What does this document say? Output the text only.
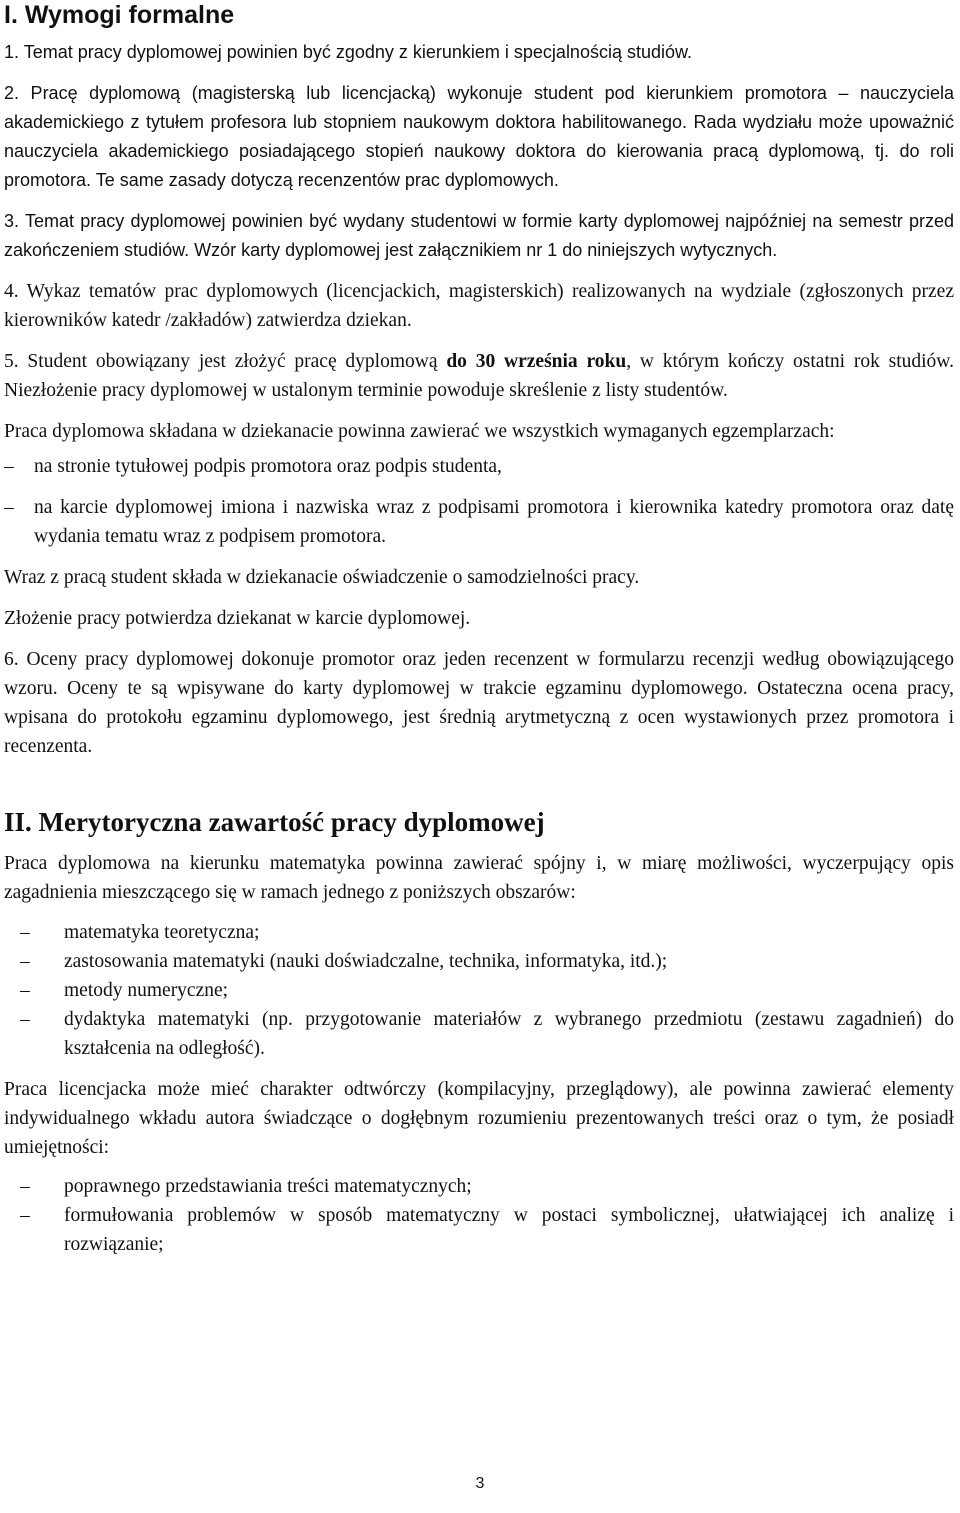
I. Wymogi formalne

1. Temat pracy dyplomowej powinien być zgodny z kierunkiem i specjalnością studiów.

2. Pracę dyplomową (magisterską lub licencjacką) wykonuje student pod kierunkiem promotora – nauczyciela akademickiego z tytułem profesora lub stopniem naukowym doktora habilitowanego. Rada wydziału może upoważnić nauczyciela akademickiego posiadającego stopień naukowy doktora do kierowania pracą dyplomową, tj. do roli promotora. Te same zasady dotyczą recenzentów prac dyplomowych.

3. Temat pracy dyplomowej powinien być wydany studentowi w formie karty dyplomowej najpóźniej na semestr przed zakończeniem studiów. Wzór karty dyplomowej jest załącznikiem nr 1 do niniejszych wytycznych.

4. Wykaz tematów prac dyplomowych (licencjackich, magisterskich) realizowanych na wydziale (zgłoszonych przez kierowników katedr /zakładów) zatwierdza dziekan.

5. Student obowiązany jest złożyć pracę dyplomową do 30 września roku, w którym kończy ostatni rok studiów. Niezłożenie pracy dyplomowej w ustalonym terminie powoduje skreślenie z listy studentów.

Praca dyplomowa składana w dziekanacie powinna zawierać we wszystkich wymaganych egzemplarzach:

– na stronie tytułowej podpis promotora oraz podpis studenta,
– na karcie dyplomowej imiona i nazwiska wraz z podpisami promotora i kierownika katedry promotora oraz datę wydania tematu wraz z podpisem promotora.

Wraz z pracą student składa w dziekanacie oświadczenie o samodzielności pracy.

Złożenie pracy potwierdza dziekanat w karcie dyplomowej.

6. Oceny pracy dyplomowej dokonuje promotor oraz jeden recenzent w formularzu recenzji według obowiązującego wzoru. Oceny te są wpisywane do karty dyplomowej w trakcie egzaminu dyplomowego. Ostateczna ocena pracy, wpisana do protokołu egzaminu dyplomowego, jest średnią arytmetyczną z ocen wystawionych przez promotora i recenzenta.

II. Merytoryczna zawartość pracy dyplomowej

Praca dyplomowa na kierunku matematyka powinna zawierać spójny i, w miarę możliwości, wyczerpujący opis zagadnienia mieszczącego się w ramach jednego z poniższych obszarów:

– matematyka teoretyczna;
– zastosowania matematyki (nauki doświadczalne, technika, informatyka, itd.);
– metody numeryczne;
– dydaktyka matematyki (np. przygotowanie materiałów z wybranego przedmiotu (zestawu zagadnień) do kształcenia na odległość).

Praca licencjacka może mieć charakter odtwórczy (kompilacyjny, przeglądowy), ale powinna zawierać elementy indywidualnego wkładu autora świadczące o dogłębnym rozumieniu prezentowanych treści oraz o tym, że posiadł umiejętności:

– poprawnego przedstawiania treści matematycznych;
– formułowania problemów w sposób matematyczny w postaci symbolicznej, ułatwiającej ich analizę i rozwiązanie;
3
